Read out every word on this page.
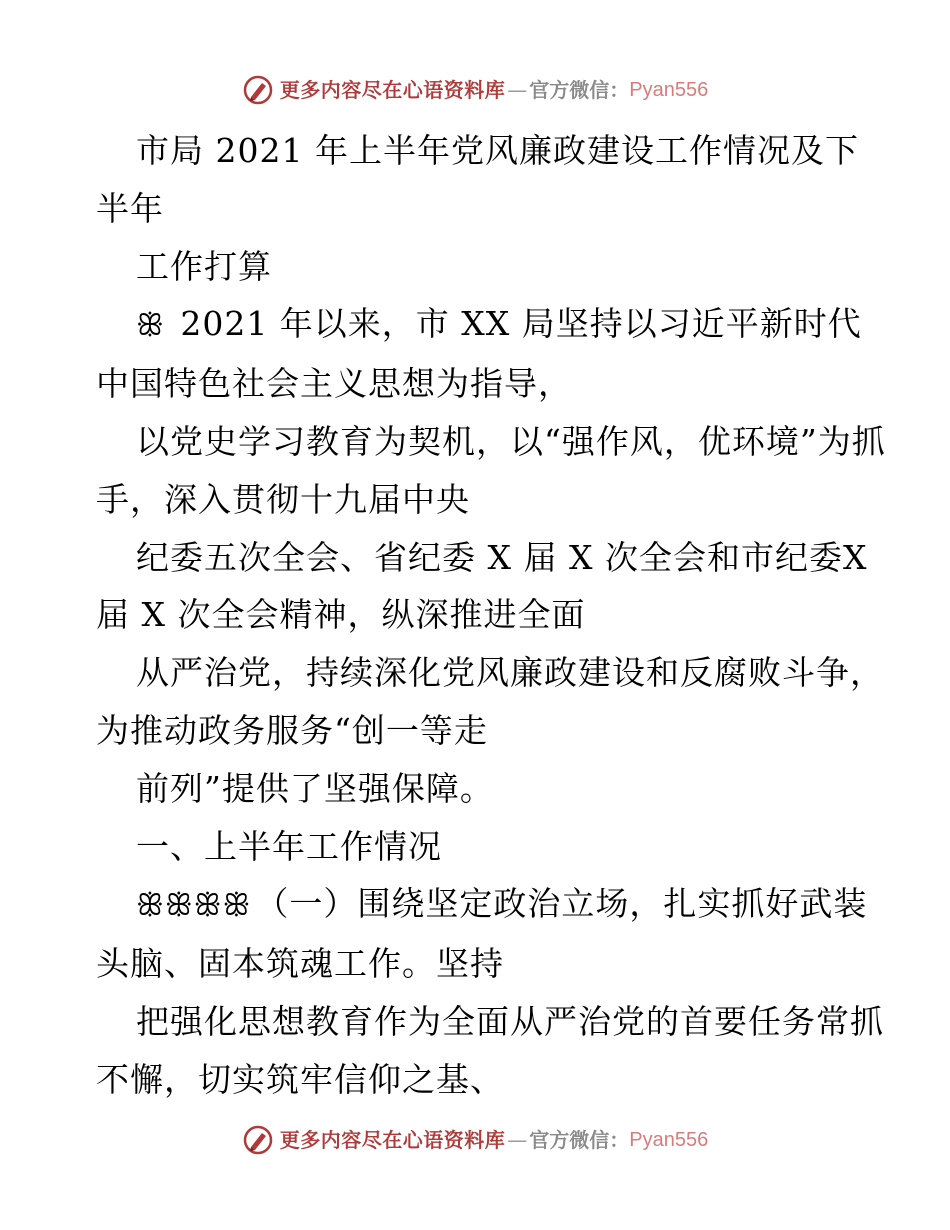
更多内容尽在心语资料库 — 官方微信： Pyan556

市局 2021 年上半年党风廉政建设工作情况及下半年

工作打算

ꕥ 2021 年以来，市 XX 局坚持以习近平新时代中国特色社会主义思想为指导，

以党史学习教育为契机，以“强作风，优环境”为抓手，深入贯彻十九届中央

纪委五次全会、省纪委 X 届 X 次全会和市纪委X 届 X 次全会精神，纵深推进全面

从严治党，持续深化党风廉政建设和反腐败斗争，为推动政务服务“创一等走

前列”提供了坚强保障。

一、上半年工作情况

ꕥꕥꕥꕥ （一）围绕坚定政治立场，扎实抓好武装头脑、固本筑魂工作。坚持

把强化思想教育作为全面从严治党的首要任务常抓不懈，切实筑牢信仰之基、

更多内容尽在心语资料库 — 官方微信： Pyan556
